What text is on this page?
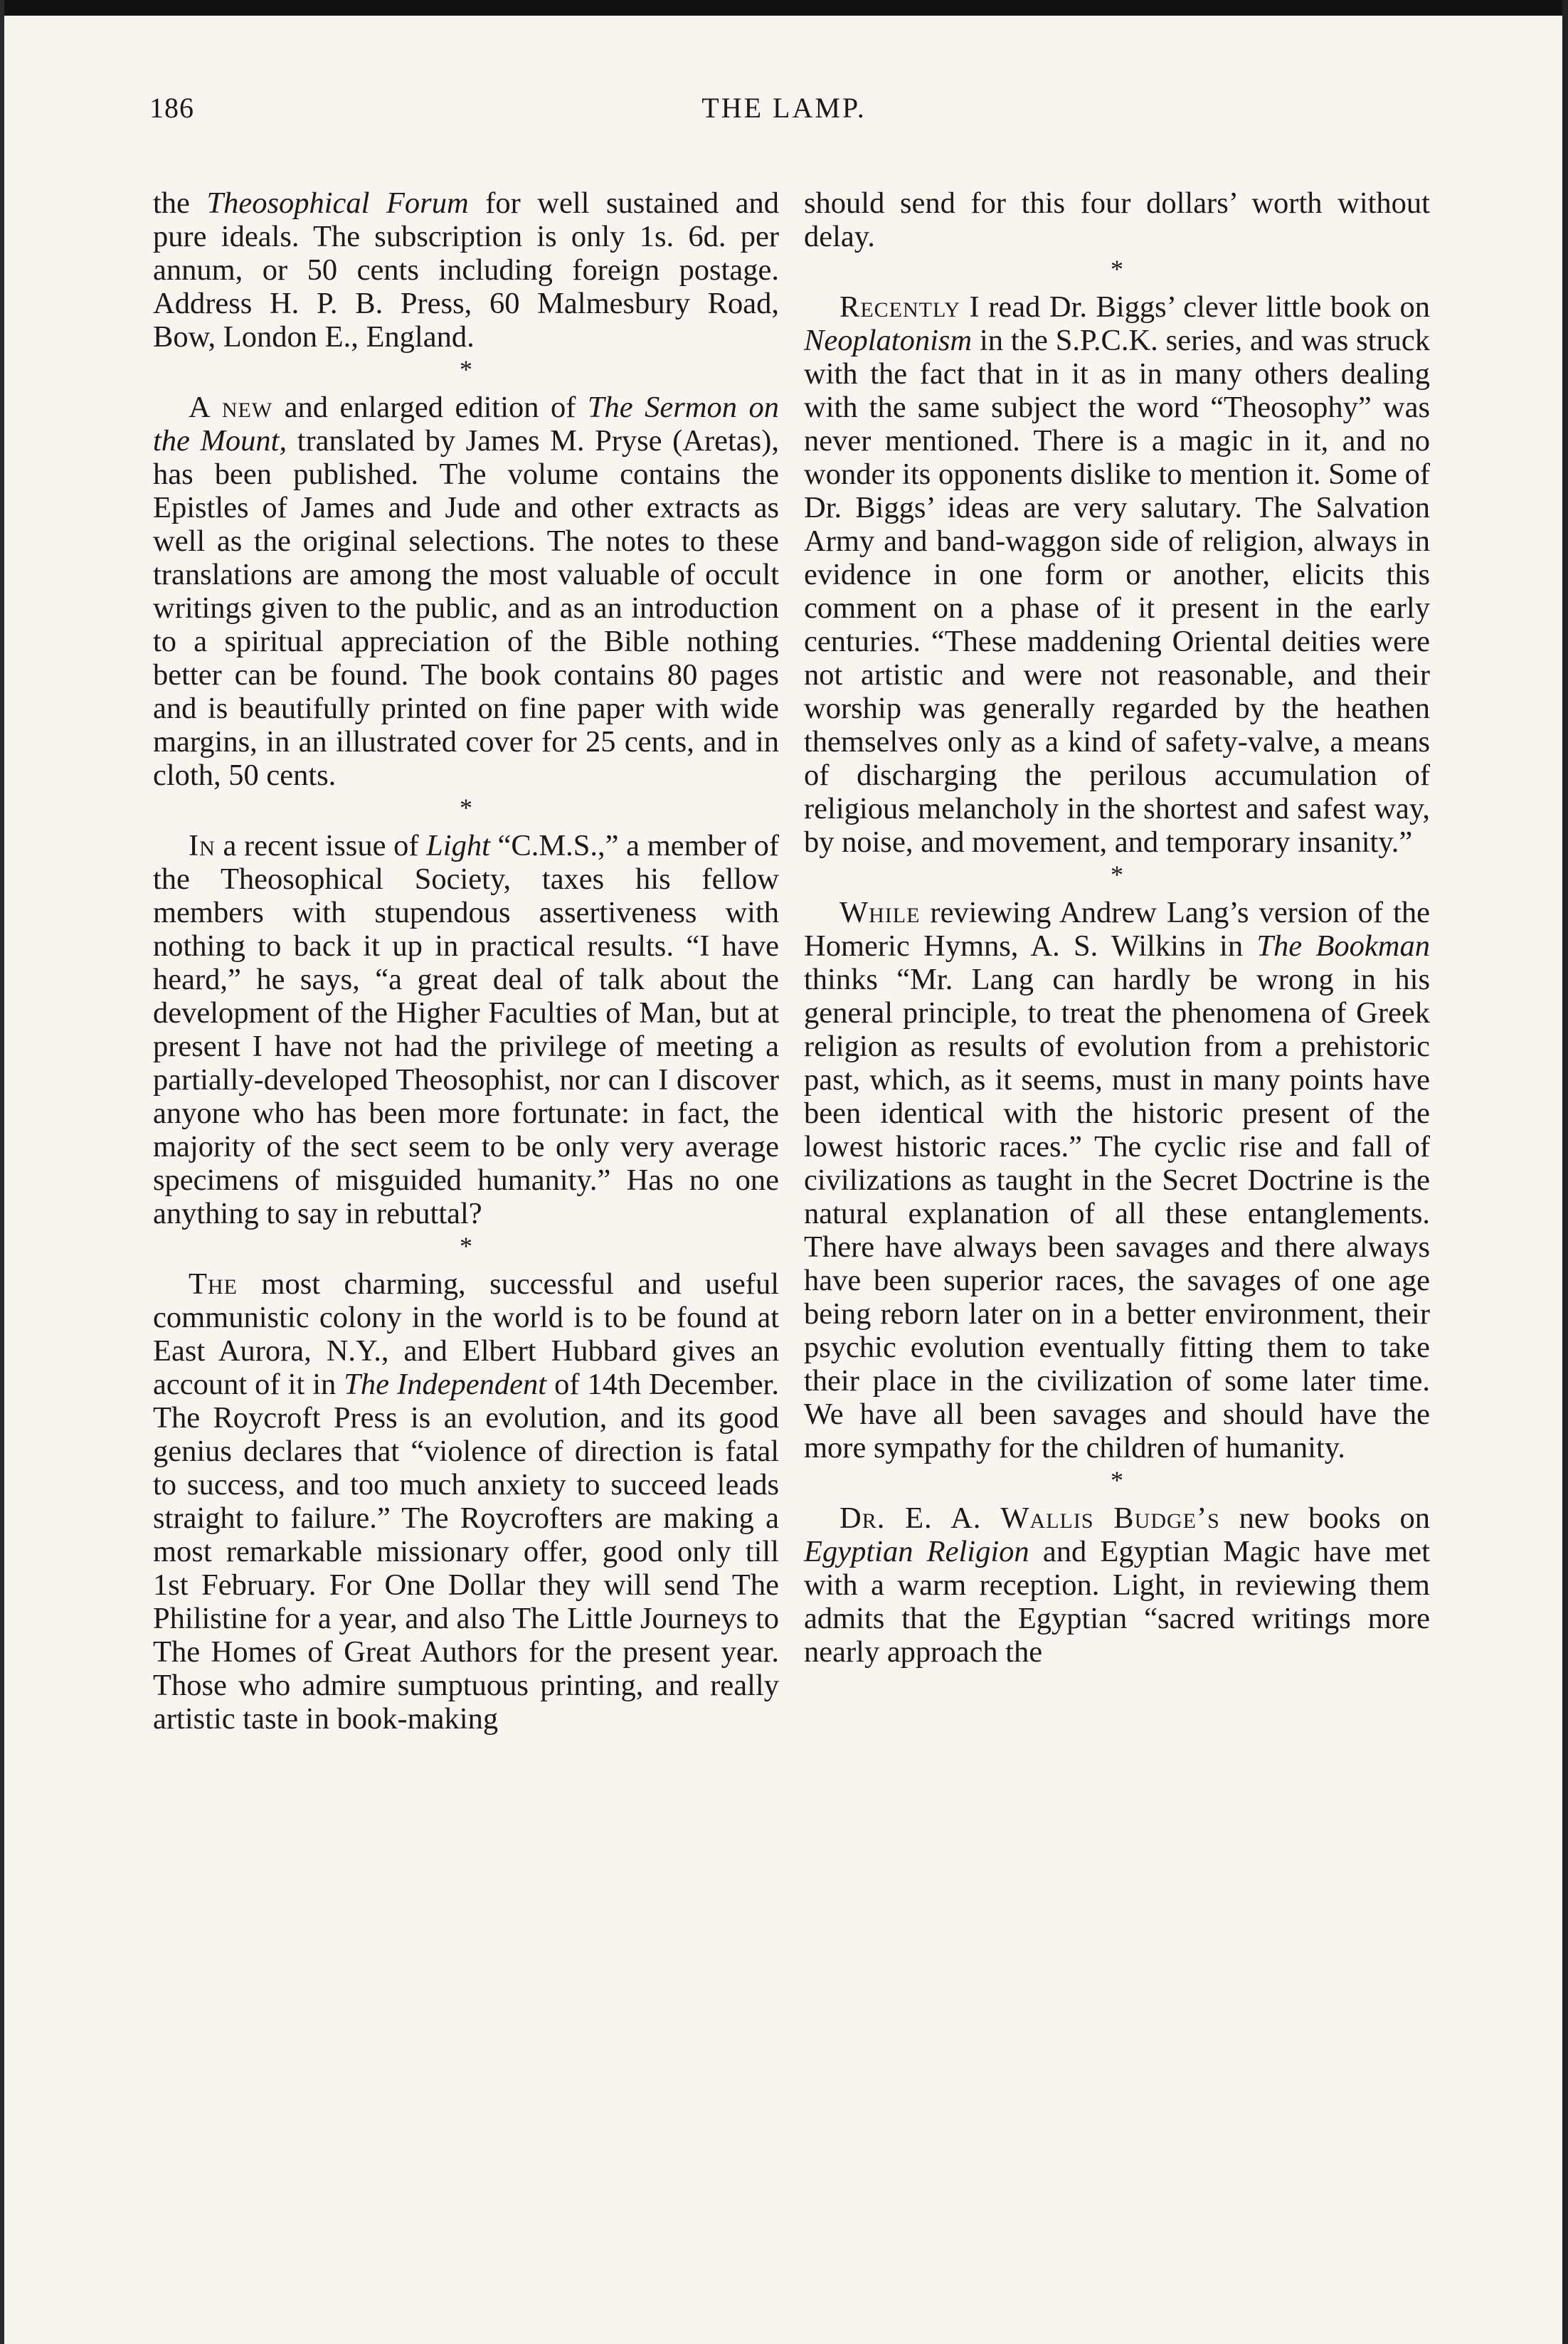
186	THE LAMP.

the Theosophical Forum for well sustained and pure ideals. The subscription is only 1s. 6d. per annum, or 50 cents including foreign postage. Address H. P. B. Press, 60 Malmesbury Road, Bow, London E., England.

*

A new and enlarged edition of The Sermon on the Mount, translated by James M. Pryse (Aretas), has been published. The volume contains the Epistles of James and Jude and other extracts as well as the original selections. The notes to these translations are among the most valuable of occult writings given to the public, and as an introduction to a spiritual appreciation of the Bible nothing better can be found. The book contains 80 pages and is beautifully printed on fine paper with wide margins, in an illustrated cover for 25 cents, and in cloth, 50 cents.

*

In a recent issue of Light “C.M.S.,” a member of the Theosophical Society, taxes his fellow members with stupendous assertiveness with nothing to back it up in practical results. “I have heard,” he says, “a great deal of talk about the development of the Higher Faculties of Man, but at present I have not had the privilege of meeting a partially-developed Theosophist, nor can I discover anyone who has been more fortunate: in fact, the majority of the sect seem to be only very average specimens of misguided humanity.” Has no one anything to say in rebuttal?

*

The most charming, successful and useful communistic colony in the world is to be found at East Aurora, N.Y., and Elbert Hubbard gives an account of it in The Independent of 14th December. The Roycroft Press is an evolution, and its good genius declares that “violence of direction is fatal to success, and too much anxiety to succeed leads straight to failure.” The Roycrofters are making a most remarkable missionary offer, good only till 1st February. For One Dollar they will send The Philistine for a year, and also The Little Journeys to The Homes of Great Authors for the present year. Those who admire sumptuous printing, and really artistic taste in book-making

should send for this four dollars’ worth without delay.

*

Recently I read Dr. Biggs’ clever little book on Neoplatonism in the S.P.C.K. series, and was struck with the fact that in it as in many others dealing with the same subject the word “Theosophy” was never mentioned. There is a magic in it, and no wonder its opponents dislike to mention it. Some of Dr. Biggs’ ideas are very salutary. The Salvation Army and band-waggon side of religion, always in evidence in one form or another, elicits this comment on a phase of it present in the early centuries. “These maddening Oriental deities were not artistic and were not reasonable, and their worship was generally regarded by the heathen themselves only as a kind of safety-valve, a means of discharging the perilous accumulation of religious melancholy in the shortest and safest way, by noise, and movement, and temporary insanity.”

*

While reviewing Andrew Lang’s version of the Homeric Hymns, A. S. Wilkins in The Bookman thinks “Mr. Lang can hardly be wrong in his general principle, to treat the phenomena of Greek religion as results of evolution from a prehistoric past, which, as it seems, must in many points have been identical with the historic present of the lowest historic races.” The cyclic rise and fall of civilizations as taught in the Secret Doctrine is the natural explanation of all these entanglements. There have always been savages and there always have been superior races, the savages of one age being reborn later on in a better environment, their psychic evolution eventually fitting them to take their place in the civilization of some later time. We have all been savages and should have the more sympathy for the children of humanity.

*

Dr. E. A. Wallis Budge’s new books on Egyptian Religion and Egyptian Magic have met with a warm reception. Light, in reviewing them admits that the Egyptian “sacred writings more nearly approach the
